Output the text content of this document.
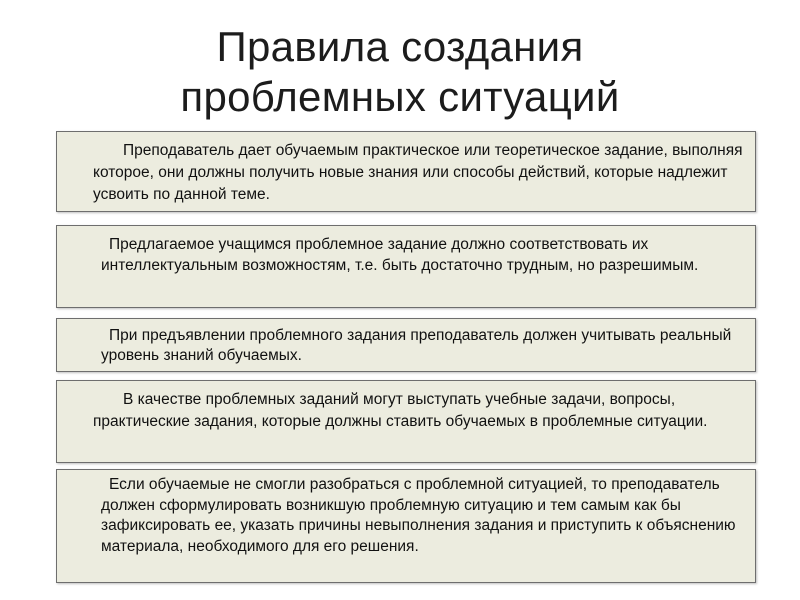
Правила создания
проблемных ситуаций

Преподаватель дает обучаемым практическое или теоретическое задание, выполняя которое, они должны получить новые знания или способы действий, которые надлежит усвоить по данной теме.

Предлагаемое учащимся проблемное задание должно соответствовать их интеллектуальным возможностям, т.е. быть достаточно трудным, но разрешимым.

При предъявлении проблемного задания преподаватель должен учитывать реальный уровень знаний обучаемых.

В качестве проблемных заданий могут выступать учебные задачи, вопросы, практические задания, которые должны ставить обучаемых в проблемные ситуации.

Если обучаемые не смогли разобраться с проблемной ситуацией, то преподаватель должен сформулировать возникшую проблемную ситуацию и тем самым как бы зафиксировать ее, указать причины невыполнения задания и приступить к объяснению материала, необходимого для его решения.
